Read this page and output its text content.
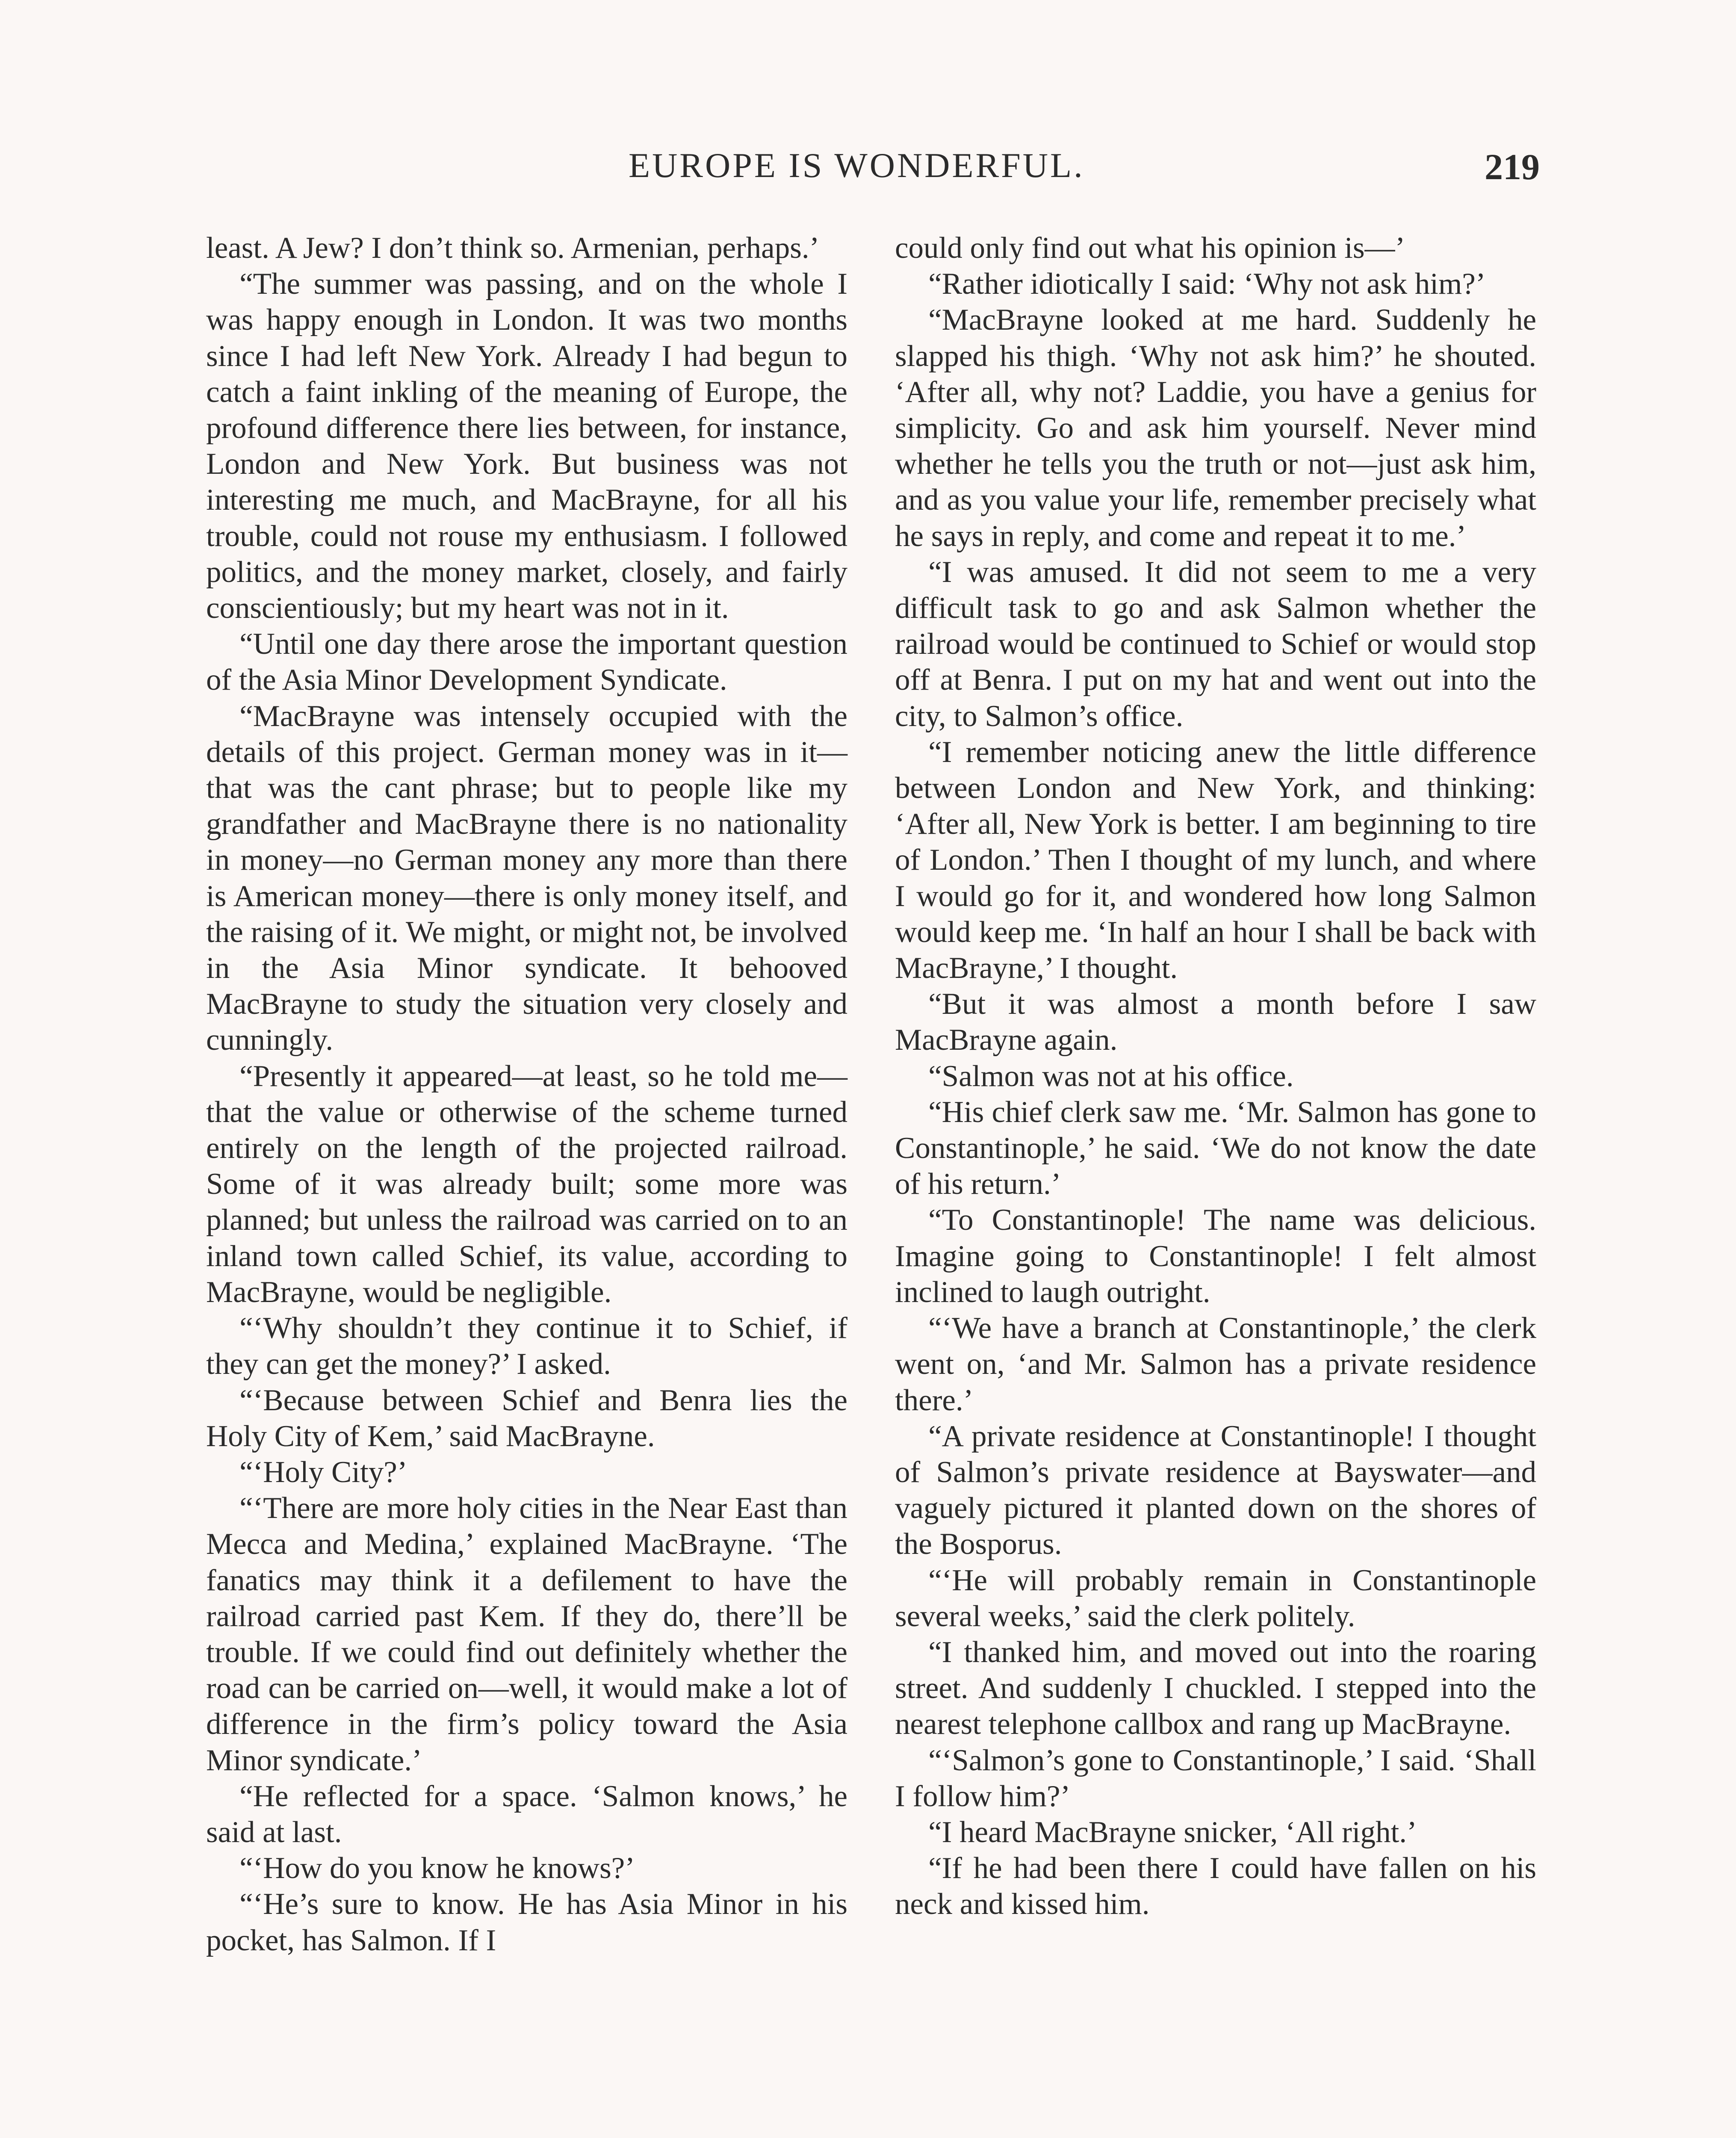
EUROPE IS WONDERFUL.	219

least. A Jew? I don’t think so. Armenian, perhaps.’

“The summer was passing, and on the whole I was happy enough in London. It was two months since I had left New York. Already I had begun to catch a faint inkling of the meaning of Europe, the profound difference there lies between, for instance, London and New York. But business was not interesting me much, and MacBrayne, for all his trouble, could not rouse my enthusiasm. I followed politics, and the money market, closely, and fairly conscientiously; but my heart was not in it.

“Until one day there arose the important question of the Asia Minor Development Syndicate.

“MacBrayne was intensely occupied with the details of this project. German money was in it—that was the cant phrase; but to people like my grandfather and MacBrayne there is no nationality in money—no German money any more than there is American money—there is only money itself, and the raising of it. We might, or might not, be involved in the Asia Minor syndicate. It behooved MacBrayne to study the situation very closely and cunningly.

“Presently it appeared—at least, so he told me—that the value or otherwise of the scheme turned entirely on the length of the projected railroad. Some of it was already built; some more was planned; but unless the railroad was carried on to an inland town called Schief, its value, according to MacBrayne, would be negligible.

“‘Why shouldn’t they continue it to Schief, if they can get the money?’ I asked.

“‘Because between Schief and Benra lies the Holy City of Kem,’ said MacBrayne.

“‘Holy City?’

“‘There are more holy cities in the Near East than Mecca and Medina,’ explained MacBrayne. ‘The fanatics may think it a defilement to have the railroad carried past Kem. If they do, there’ll be trouble. If we could find out definitely whether the road can be carried on—well, it would make a lot of difference in the firm’s policy toward the Asia Minor syndicate.’

“He reflected for a space. ‘Salmon knows,’ he said at last.

“‘How do you know he knows?’

“‘He’s sure to know. He has Asia Minor in his pocket, has Salmon. If I

could only find out what his opinion is—’

“Rather idiotically I said: ‘Why not ask him?’

“MacBrayne looked at me hard. Suddenly he slapped his thigh. ‘Why not ask him?’ he shouted. ‘After all, why not? Laddie, you have a genius for simplicity. Go and ask him yourself. Never mind whether he tells you the truth or not—just ask him, and as you value your life, remember precisely what he says in reply, and come and repeat it to me.’

“I was amused. It did not seem to me a very difficult task to go and ask Salmon whether the railroad would be continued to Schief or would stop off at Benra. I put on my hat and went out into the city, to Salmon’s office.

“I remember noticing anew the little difference between London and New York, and thinking: ‘After all, New York is better. I am beginning to tire of London.’ Then I thought of my lunch, and where I would go for it, and wondered how long Salmon would keep me. ‘In half an hour I shall be back with MacBrayne,’ I thought.

“But it was almost a month before I saw MacBrayne again.

“Salmon was not at his office.

“His chief clerk saw me. ‘Mr. Salmon has gone to Constantinople,’ he said. ‘We do not know the date of his return.’

“To Constantinople! The name was delicious. Imagine going to Constantinople! I felt almost inclined to laugh outright.

“‘We have a branch at Constantinople,’ the clerk went on, ‘and Mr. Salmon has a private residence there.’

“A private residence at Constantinople! I thought of Salmon’s private residence at Bayswater—and vaguely pictured it planted down on the shores of the Bosporus.

“‘He will probably remain in Constantinople several weeks,’ said the clerk politely.

“I thanked him, and moved out into the roaring street. And suddenly I chuckled. I stepped into the nearest telephone callbox and rang up MacBrayne.

“‘Salmon’s gone to Constantinople,’ I said. ‘Shall I follow him?’

“I heard MacBrayne snicker, ‘All right.’

“If he had been there I could have fallen on his neck and kissed him.
